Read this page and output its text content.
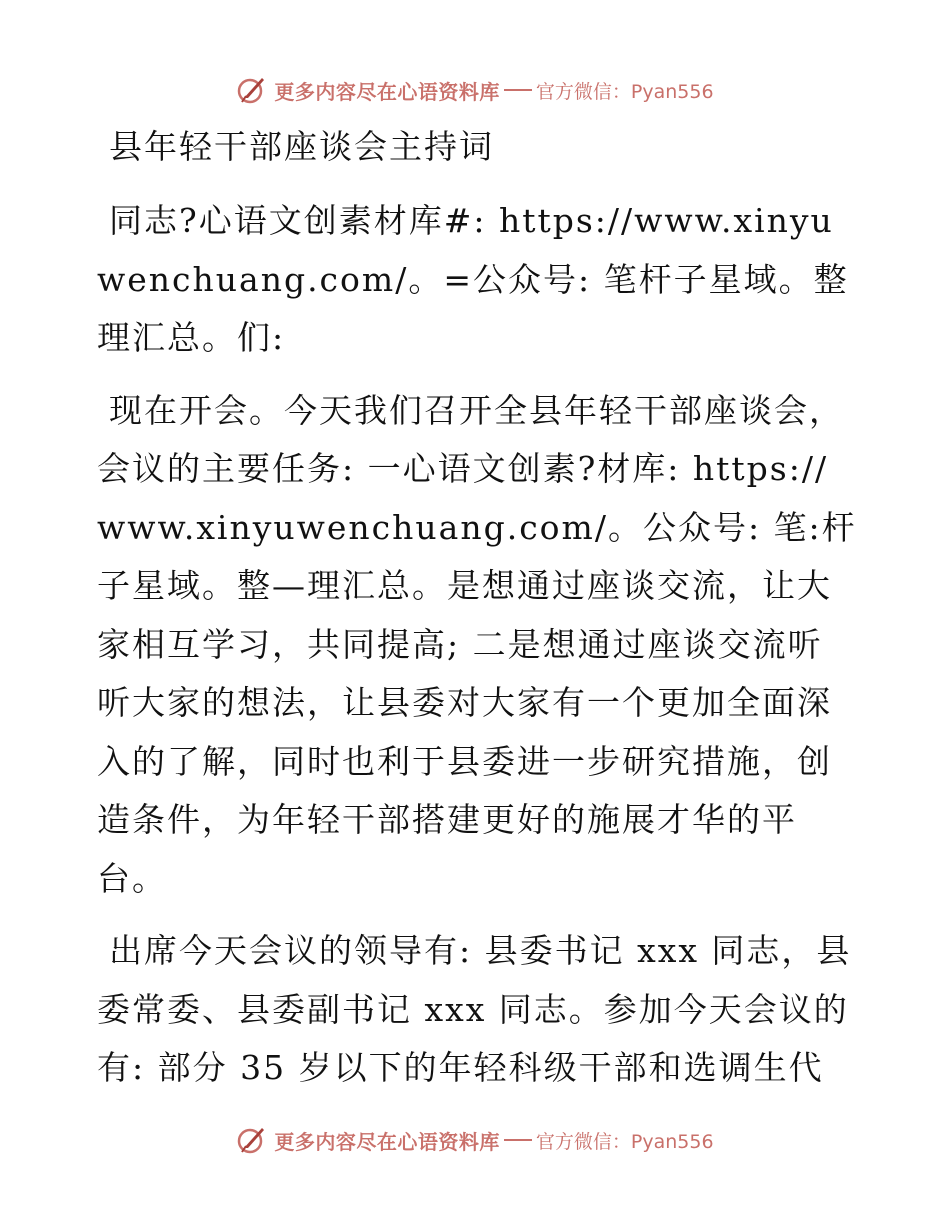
更多内容尽在心语资料库 官方微信：Pyan556
县年轻干部座谈会主持词

同志?心语文创素材库#: https://www.xinyuwenchuang.com/。=公众号: 笔杆子星域。整理汇总。们:

现在开会。今天我们召开全县年轻干部座谈会，会议的主要任务: 一心语文创素?材库: https://www.xinyuwenchuang.com/。公众号: 笔:杆子星域。整—理汇总。是想通过座谈交流，让大家相互学习，共同提高; 二是想通过座谈交流听听大家的想法，让县委对大家有一个更加全面深入的了解，同时也利于县委进一步研究措施，创造条件，为年轻干部搭建更好的施展才华的平台。

出席今天会议的领导有: 县委书记 xxx 同志，县委常委、县委副书记 xxx 同志。参加今天会议的有: 部分 35 岁以下的年轻科级干部和选调生代

更多内容尽在心语资料库 官方微信：Pyan556
